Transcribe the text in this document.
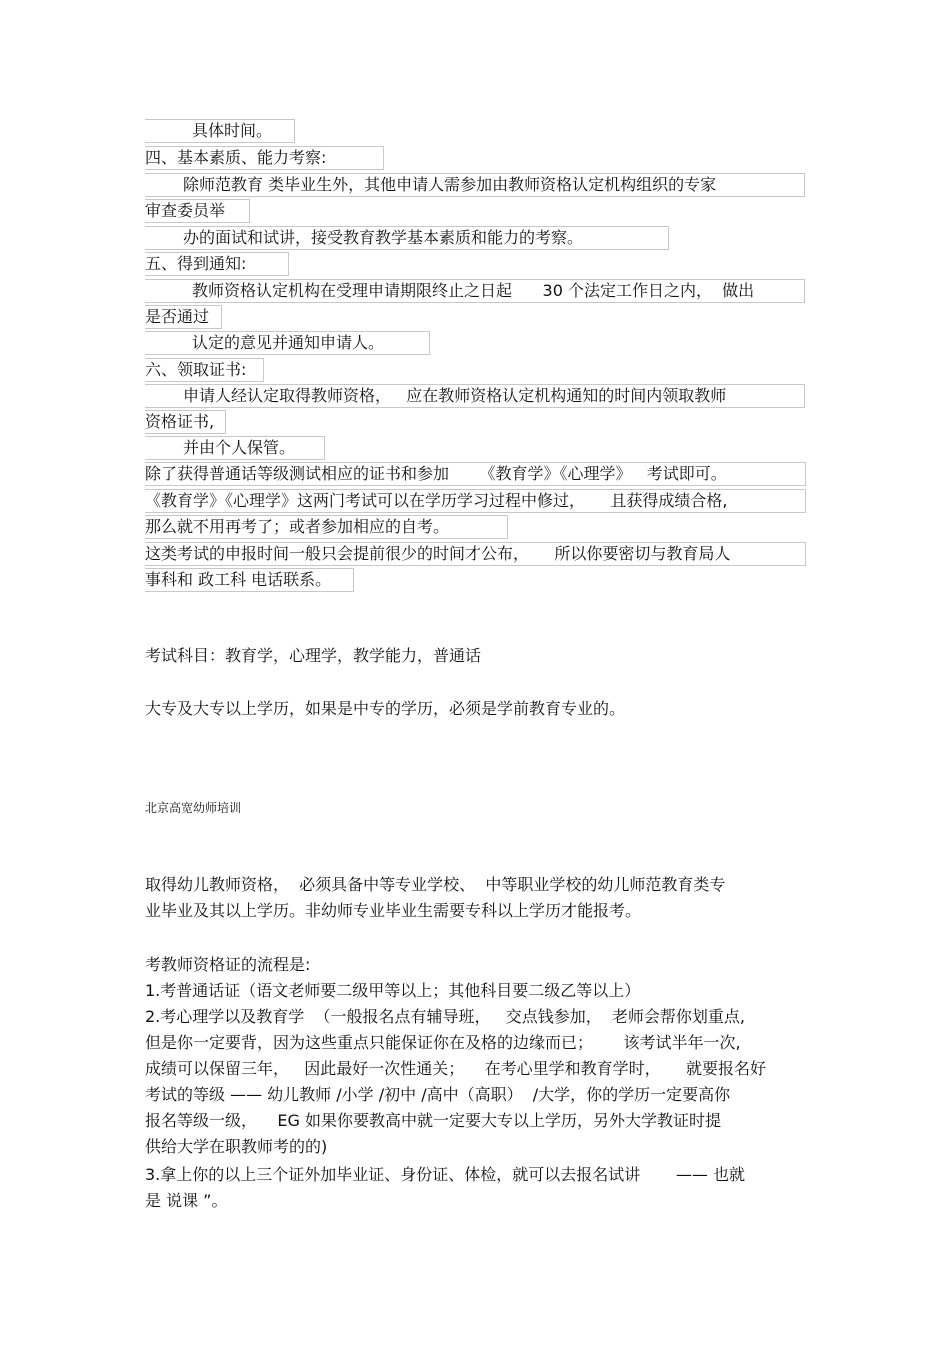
具体时间。
四、基本素质、能力考察:
除师范教育 类毕业生外，其他申请人需参加由教师资格认定机构组织的专家
审查委员举
办的面试和试讲，接受教育教学基本素质和能力的考察。
五、得到通知:
教师资格认定机构在受理申请期限终止之日起      30 个法定工作日之内，  做出
是否通过
认定的意见并通知申请人。
六、领取证书:
申请人经认定取得教师资格，   应在教师资格认定机构通知的时间内领取教师
资格证书,
并由个人保管。
除了获得普通话等级测试相应的证书和参加      《教育学》《心理学》   考试即可。
《教育学》《心理学》这两门考试可以在学历学习过程中修过，     且获得成绩合格,
那么就不用再考了；或者参加相应的自考。
这类考试的申报时间一般只会提前很少的时间才公布，     所以你要密切与教育局人
事科和 政工科 电话联系。
考试科目：教育学，心理学，教学能力，普通话
大专及大专以上学历，如果是中专的学历，必须是学前教育专业的。
北京高宽幼师培训
取得幼儿教师资格，  必须具备中等专业学校、  中等职业学校的幼儿师范教育类专
业毕业及其以上学历。非幼师专业毕业生需要专科以上学历才能报考。
考教师资格证的流程是:
1.考普通话证（语文老师要二级甲等以上；其他科目要二级乙等以上）
2.考心理学以及教育学  （一般报名点有辅导班，   交点钱参加，  老师会帮你划重点,
但是你一定要背，因为这些重点只能保证你在及格的边缘而已；      该考试半年一次,
成绩可以保留三年，   因此最好一次性通关；    在考心里学和教育学时，     就要报名好
考试的等级 —— 幼儿教师 /小学 /初中 /高中（高职）  /大学，你的学历一定要高你
报名等级一级，    EG 如果你要教高中就一定要大专以上学历，另外大学教证时提
供给大学在职教师考的的)
3.拿上你的以上三个证外加毕业证、身份证、体检，就可以去报名试讲       —— 也就
是 说课 ”。
